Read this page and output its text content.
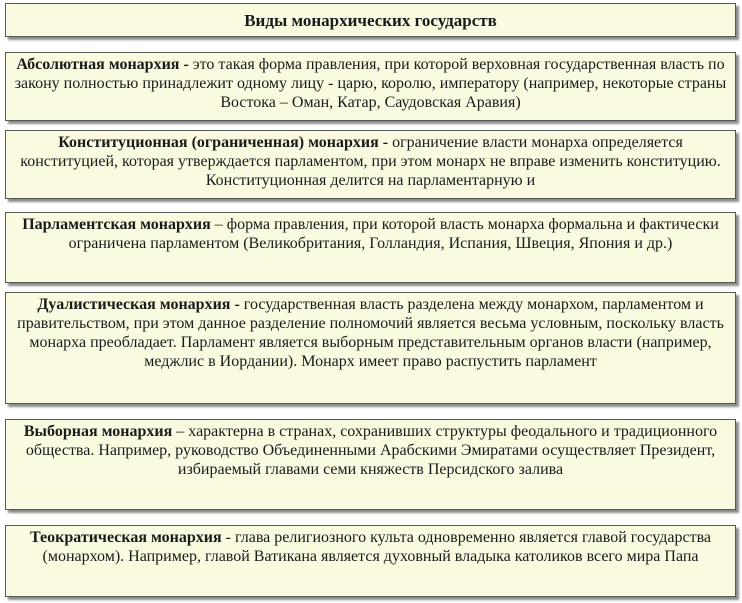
Виды монархических государств
Абсолютная монархия - это такая форма правления, при которой верховная государственная власть по закону полностью принадлежит одному лицу - царю, королю, императору (например, некоторые страны Востока – Оман, Катар, Саудовская Аравия)
Конституционная (ограниченная) монархия - ограничение власти монарха определяется конституцией, которая утверждается парламентом, при этом монарх не вправе изменить конституцию. Конституционная делится на парламентарную и
Парламентская монархия – форма правления, при которой власть монарха формальна и фактически ограничена парламентом (Великобритания, Голландия, Испания, Швеция, Япония и др.)
Дуалистическая монархия - государственная власть разделена между монархом, парламентом и правительством, при этом данное разделение полномочий является весьма условным, поскольку власть монарха преобладает. Парламент является выборным представительным органов власти (например, меджлис в Иордании). Монарх имеет право распустить парламент
Выборная монархия – характерна в странах, сохранивших структуры феодального и традиционного общества. Например, руководство Объединенными Арабскими Эмиратами осуществляет Президент, избираемый главами семи княжеств Персидского залива
Теократическая монархия - глава религиозного культа одновременно является главой государства (монархом). Например, главой Ватикана является духовный владыка католиков всего мира Папа
